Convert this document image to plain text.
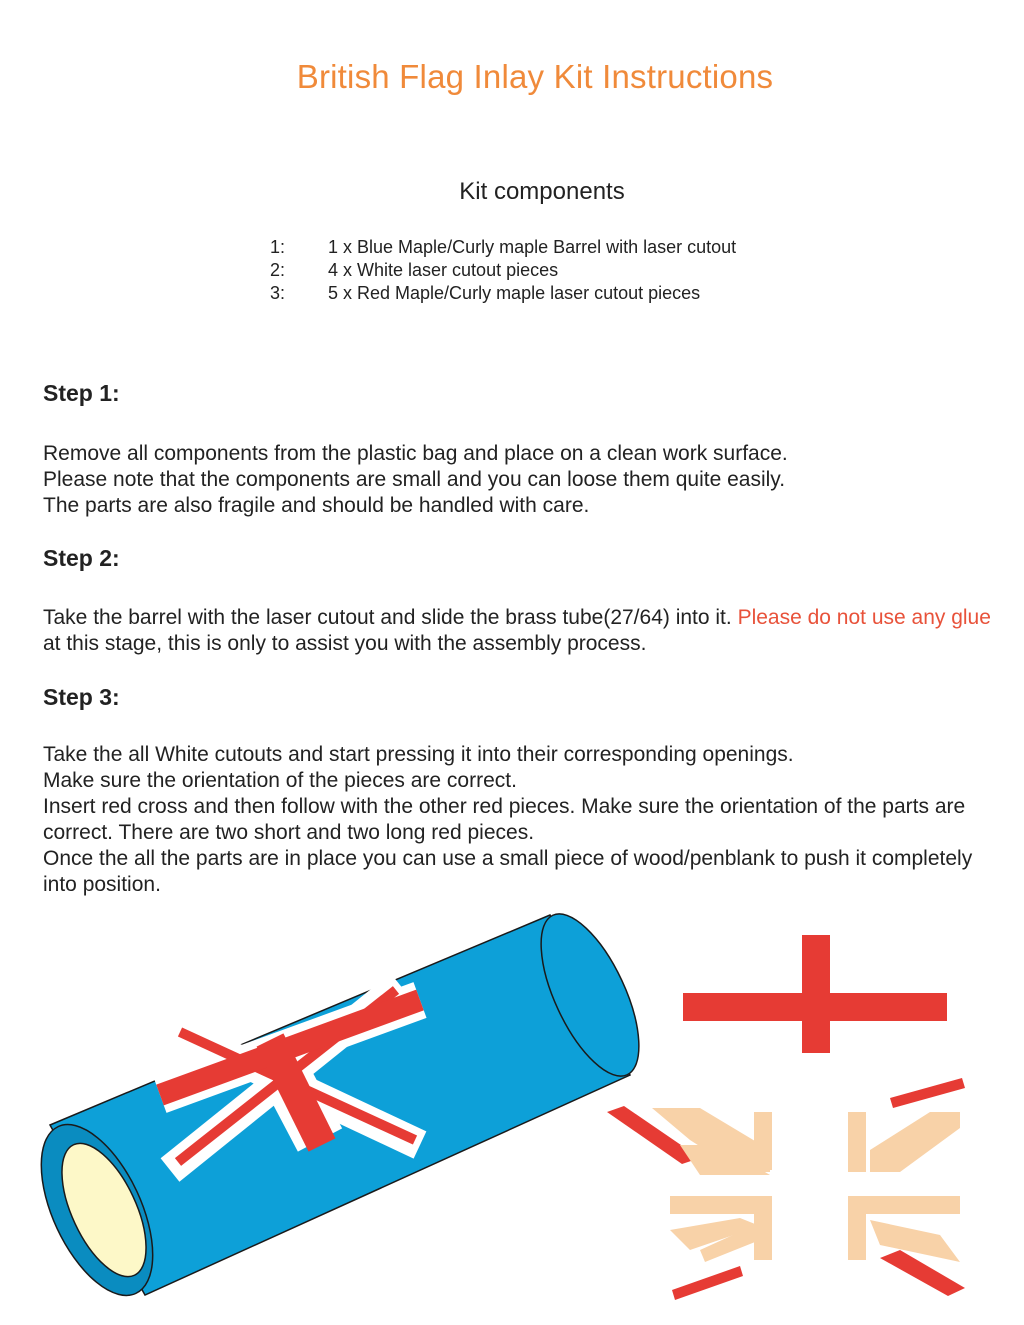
British Flag Inlay Kit Instructions
Kit components
1:	1 x Blue Maple/Curly maple Barrel with laser cutout
2:	4 x White laser cutout pieces
3:	5 x Red Maple/Curly maple laser cutout pieces
Step 1:

Remove all components from the plastic bag and place on a clean work surface.

Please note that the components are small and you can loose them quite easily.

The parts are also fragile and should be handled with care.

Step 2:
Take the barrel with the laser cutout and slide the brass tube(27/64) into it. Please do not use any glue at this stage, this is only to assist you with the assembly process.
Step 3:

Take the all White cutouts and start pressing it into their corresponding openings.

Make sure the orientation of the pieces are correct.

Insert red cross and then follow with the other red pieces. Make sure the orientation of the parts are correct. There are two short and two long red pieces.

Once the all the parts are in place you can use a small piece of wood/penblank to push it completely into position.
